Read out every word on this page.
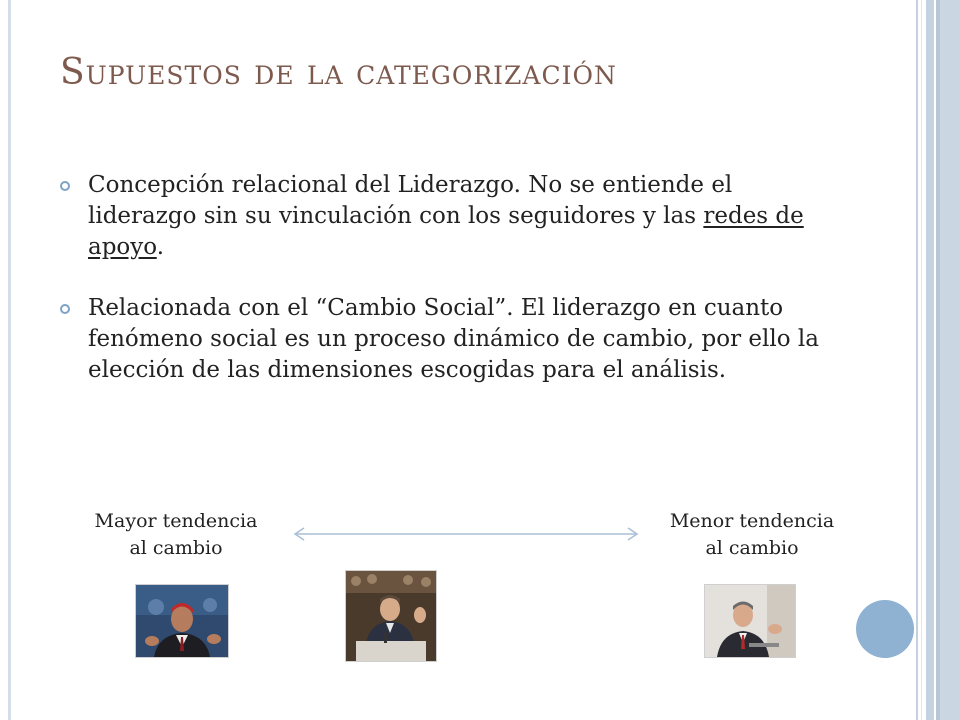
Supuestos de la categorización
Concepción relacional del Liderazgo. No se entiende el liderazgo sin su vinculación con los seguidores y las redes de apoyo.
Relacionada con el “Cambio Social”. El liderazgo en cuanto fenómeno social es un proceso dinámico de cambio, por ello la elección de las dimensiones escogidas para el análisis.
Mayor tendencia
al cambio
Menor tendencia
al cambio
